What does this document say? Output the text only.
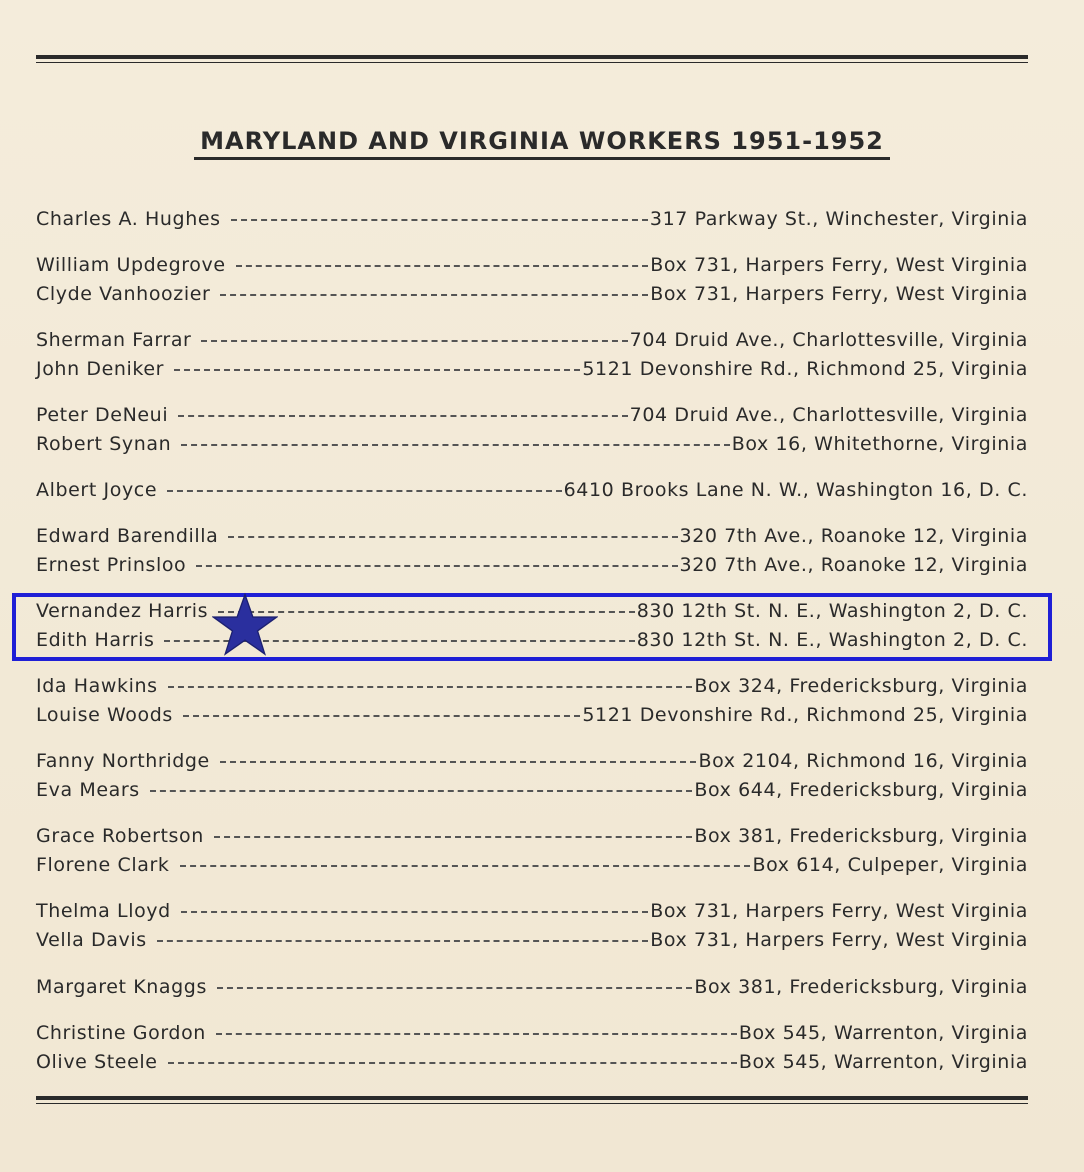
MARYLAND AND VIRGINIA WORKERS 1951-1952
Charles A. Hughes	317 Parkway St., Winchester, Virginia
William Updegrove	Box 731, Harpers Ferry, West Virginia
Clyde Vanhoozier	Box 731, Harpers Ferry, West Virginia
Sherman Farrar	704 Druid Ave., Charlottesville, Virginia
John Deniker	5121 Devonshire Rd., Richmond 25, Virginia
Peter DeNeui	704 Druid Ave., Charlottesville, Virginia
Robert Synan	Box 16, Whitethorne, Virginia
Albert Joyce	6410 Brooks Lane N. W., Washington 16, D. C.
Edward Barendilla	320 7th Ave., Roanoke 12, Virginia
Ernest Prinsloo	320 7th Ave., Roanoke 12, Virginia
Vernandez Harris	830 12th St. N. E., Washington 2, D. C.
Edith Harris	830 12th St. N. E., Washington 2, D. C.
Ida Hawkins	Box 324, Fredericksburg, Virginia
Louise Woods	5121 Devonshire Rd., Richmond 25, Virginia
Fanny Northridge	Box 2104, Richmond 16, Virginia
Eva Mears	Box 644, Fredericksburg, Virginia
Grace Robertson	Box 381, Fredericksburg, Virginia
Florene Clark	Box 614, Culpeper, Virginia
Thelma Lloyd	Box 731, Harpers Ferry, West Virginia
Vella Davis	Box 731, Harpers Ferry, West Virginia
Margaret Knaggs	Box 381, Fredericksburg, Virginia
Christine Gordon	Box 545, Warrenton, Virginia
Olive Steele	Box 545, Warrenton, Virginia
